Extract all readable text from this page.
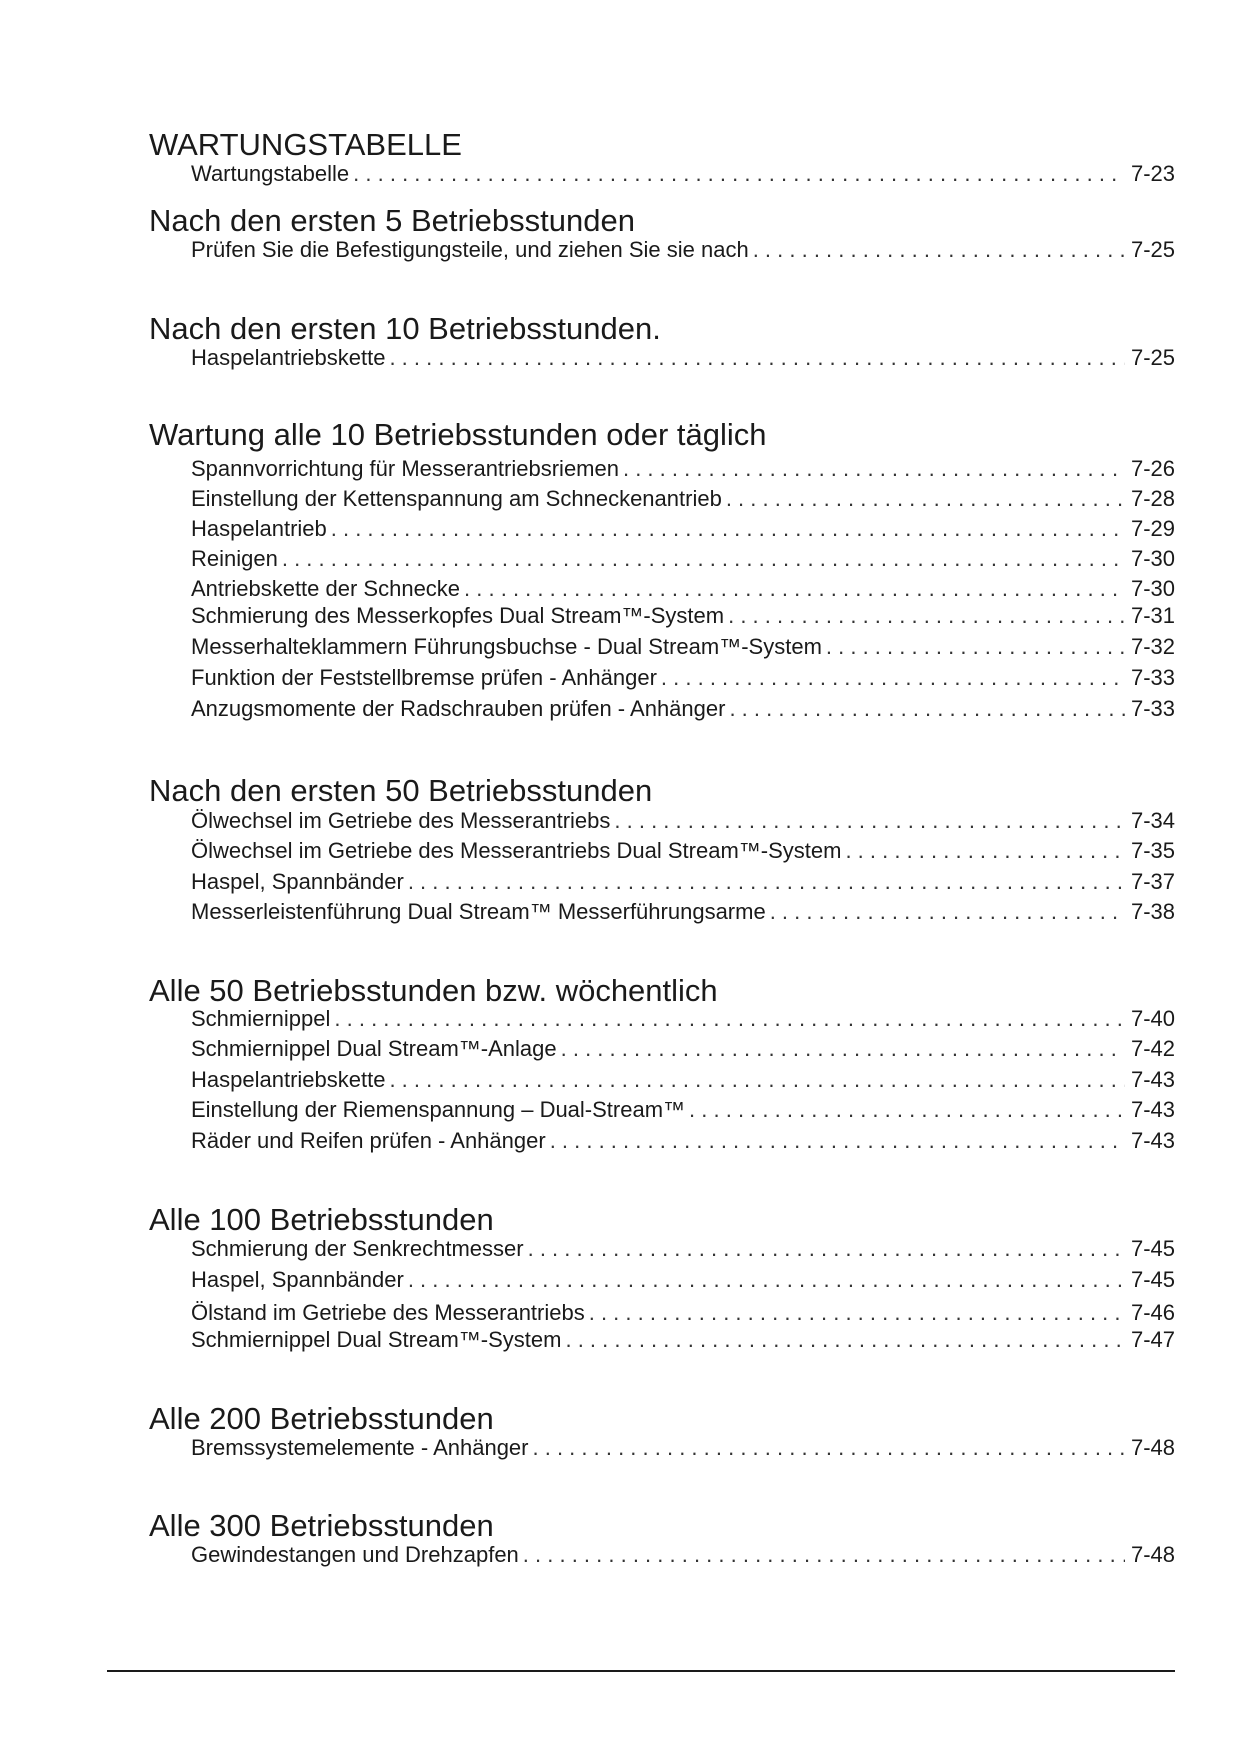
WARTUNGSTABELLE
Wartungstabelle . . .	7-23
Nach den ersten 5 Betriebsstunden
Prüfen Sie die Befestigungsteile, und ziehen Sie sie nach . . .	7-25
Nach den ersten 10 Betriebsstunden.
Haspelantriebskette . . .	7-25
Wartung alle 10 Betriebsstunden oder täglich
Spannvorrichtung für Messerantriebsriemen . . .	7-26
Einstellung der Kettenspannung am Schneckenantrieb . . .	7-28
Haspelantrieb . . .	7-29
Reinigen . . .	7-30
Antriebskette der Schnecke . . .	7-30
Schmierung des Messerkopfes Dual Stream™-System . . .	7-31
Messerhalteklammern Führungsbuchse - Dual Stream™-System . . .	7-32
Funktion der Feststellbremse prüfen - Anhänger . . .	7-33
Anzugsmomente der Radschrauben prüfen - Anhänger . . .	7-33
Nach den ersten 50 Betriebsstunden
Ölwechsel im Getriebe des Messerantriebs . . .	7-34
Ölwechsel im Getriebe des Messerantriebs Dual Stream™-System . . .	7-35
Haspel, Spannbänder . . .	7-37
Messerleistenführung Dual Stream™ Messerführungsarme . . .	7-38
Alle 50 Betriebsstunden bzw. wöchentlich
Schmiernippel . . .	7-40
Schmiernippel Dual Stream™-Anlage . . .	7-42
Haspelantriebskette . . .	7-43
Einstellung der Riemenspannung – Dual-Stream™ . . .	7-43
Räder und Reifen prüfen - Anhänger . . .	7-43
Alle 100 Betriebsstunden
Schmierung der Senkrechtmesser . . .	7-45
Haspel, Spannbänder . . .	7-45
Ölstand im Getriebe des Messerantriebs . . .	7-46
Schmiernippel Dual Stream™-System . . .	7-47
Alle 200 Betriebsstunden
Bremssystemelemente - Anhänger . . .	7-48
Alle 300 Betriebsstunden
Gewindestangen und Drehzapfen . . .	7-48
